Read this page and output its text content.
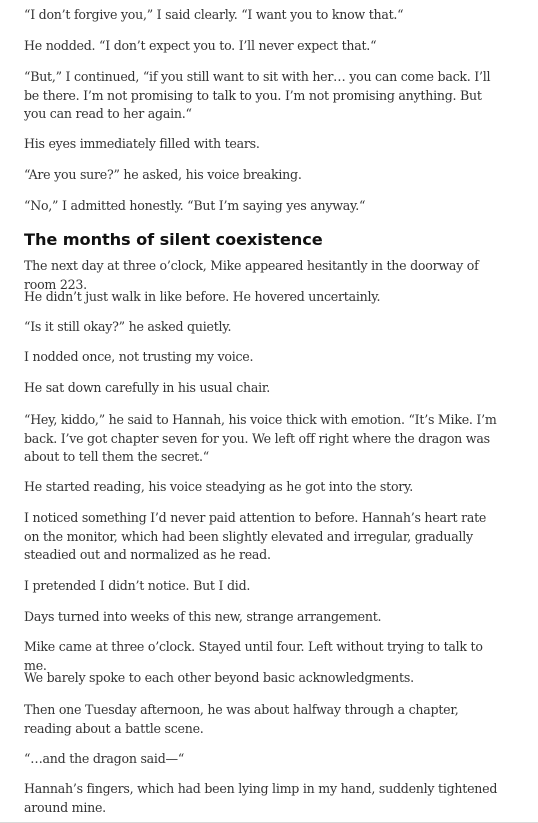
“I don’t forgive you,” I said clearly. “I want you to know that.“

He nodded. “I don’t expect you to. I’ll never expect that.“

“But,” I continued, “if you still want to sit with her… you can come back. I’ll be there. I’m not promising to talk to you. I’m not promising anything. But you can read to her again.“

His eyes immediately filled with tears.

“Are you sure?” he asked, his voice breaking.

“No,” I admitted honestly. “But I’m saying yes anyway.“

The months of silent coexistence

The next day at three o’clock, Mike appeared hesitantly in the doorway of room 223.

He didn’t just walk in like before. He hovered uncertainly.

“Is it still okay?” he asked quietly.

I nodded once, not trusting my voice.

He sat down carefully in his usual chair.

“Hey, kiddo,” he said to Hannah, his voice thick with emotion. “It’s Mike. I’m back. I’ve got chapter seven for you. We left off right where the dragon was about to tell them the secret.“

He started reading, his voice steadying as he got into the story.

I noticed something I’d never paid attention to before. Hannah’s heart rate on the monitor, which had been slightly elevated and irregular, gradually steadied out and normalized as he read.

I pretended I didn’t notice. But I did.

Days turned into weeks of this new, strange arrangement.

Mike came at three o’clock. Stayed until four. Left without trying to talk to me.

We barely spoke to each other beyond basic acknowledgments.

Then one Tuesday afternoon, he was about halfway through a chapter, reading about a battle scene.

“…and the dragon said—“

Hannah’s fingers, which had been lying limp in my hand, suddenly tightened around mine.
